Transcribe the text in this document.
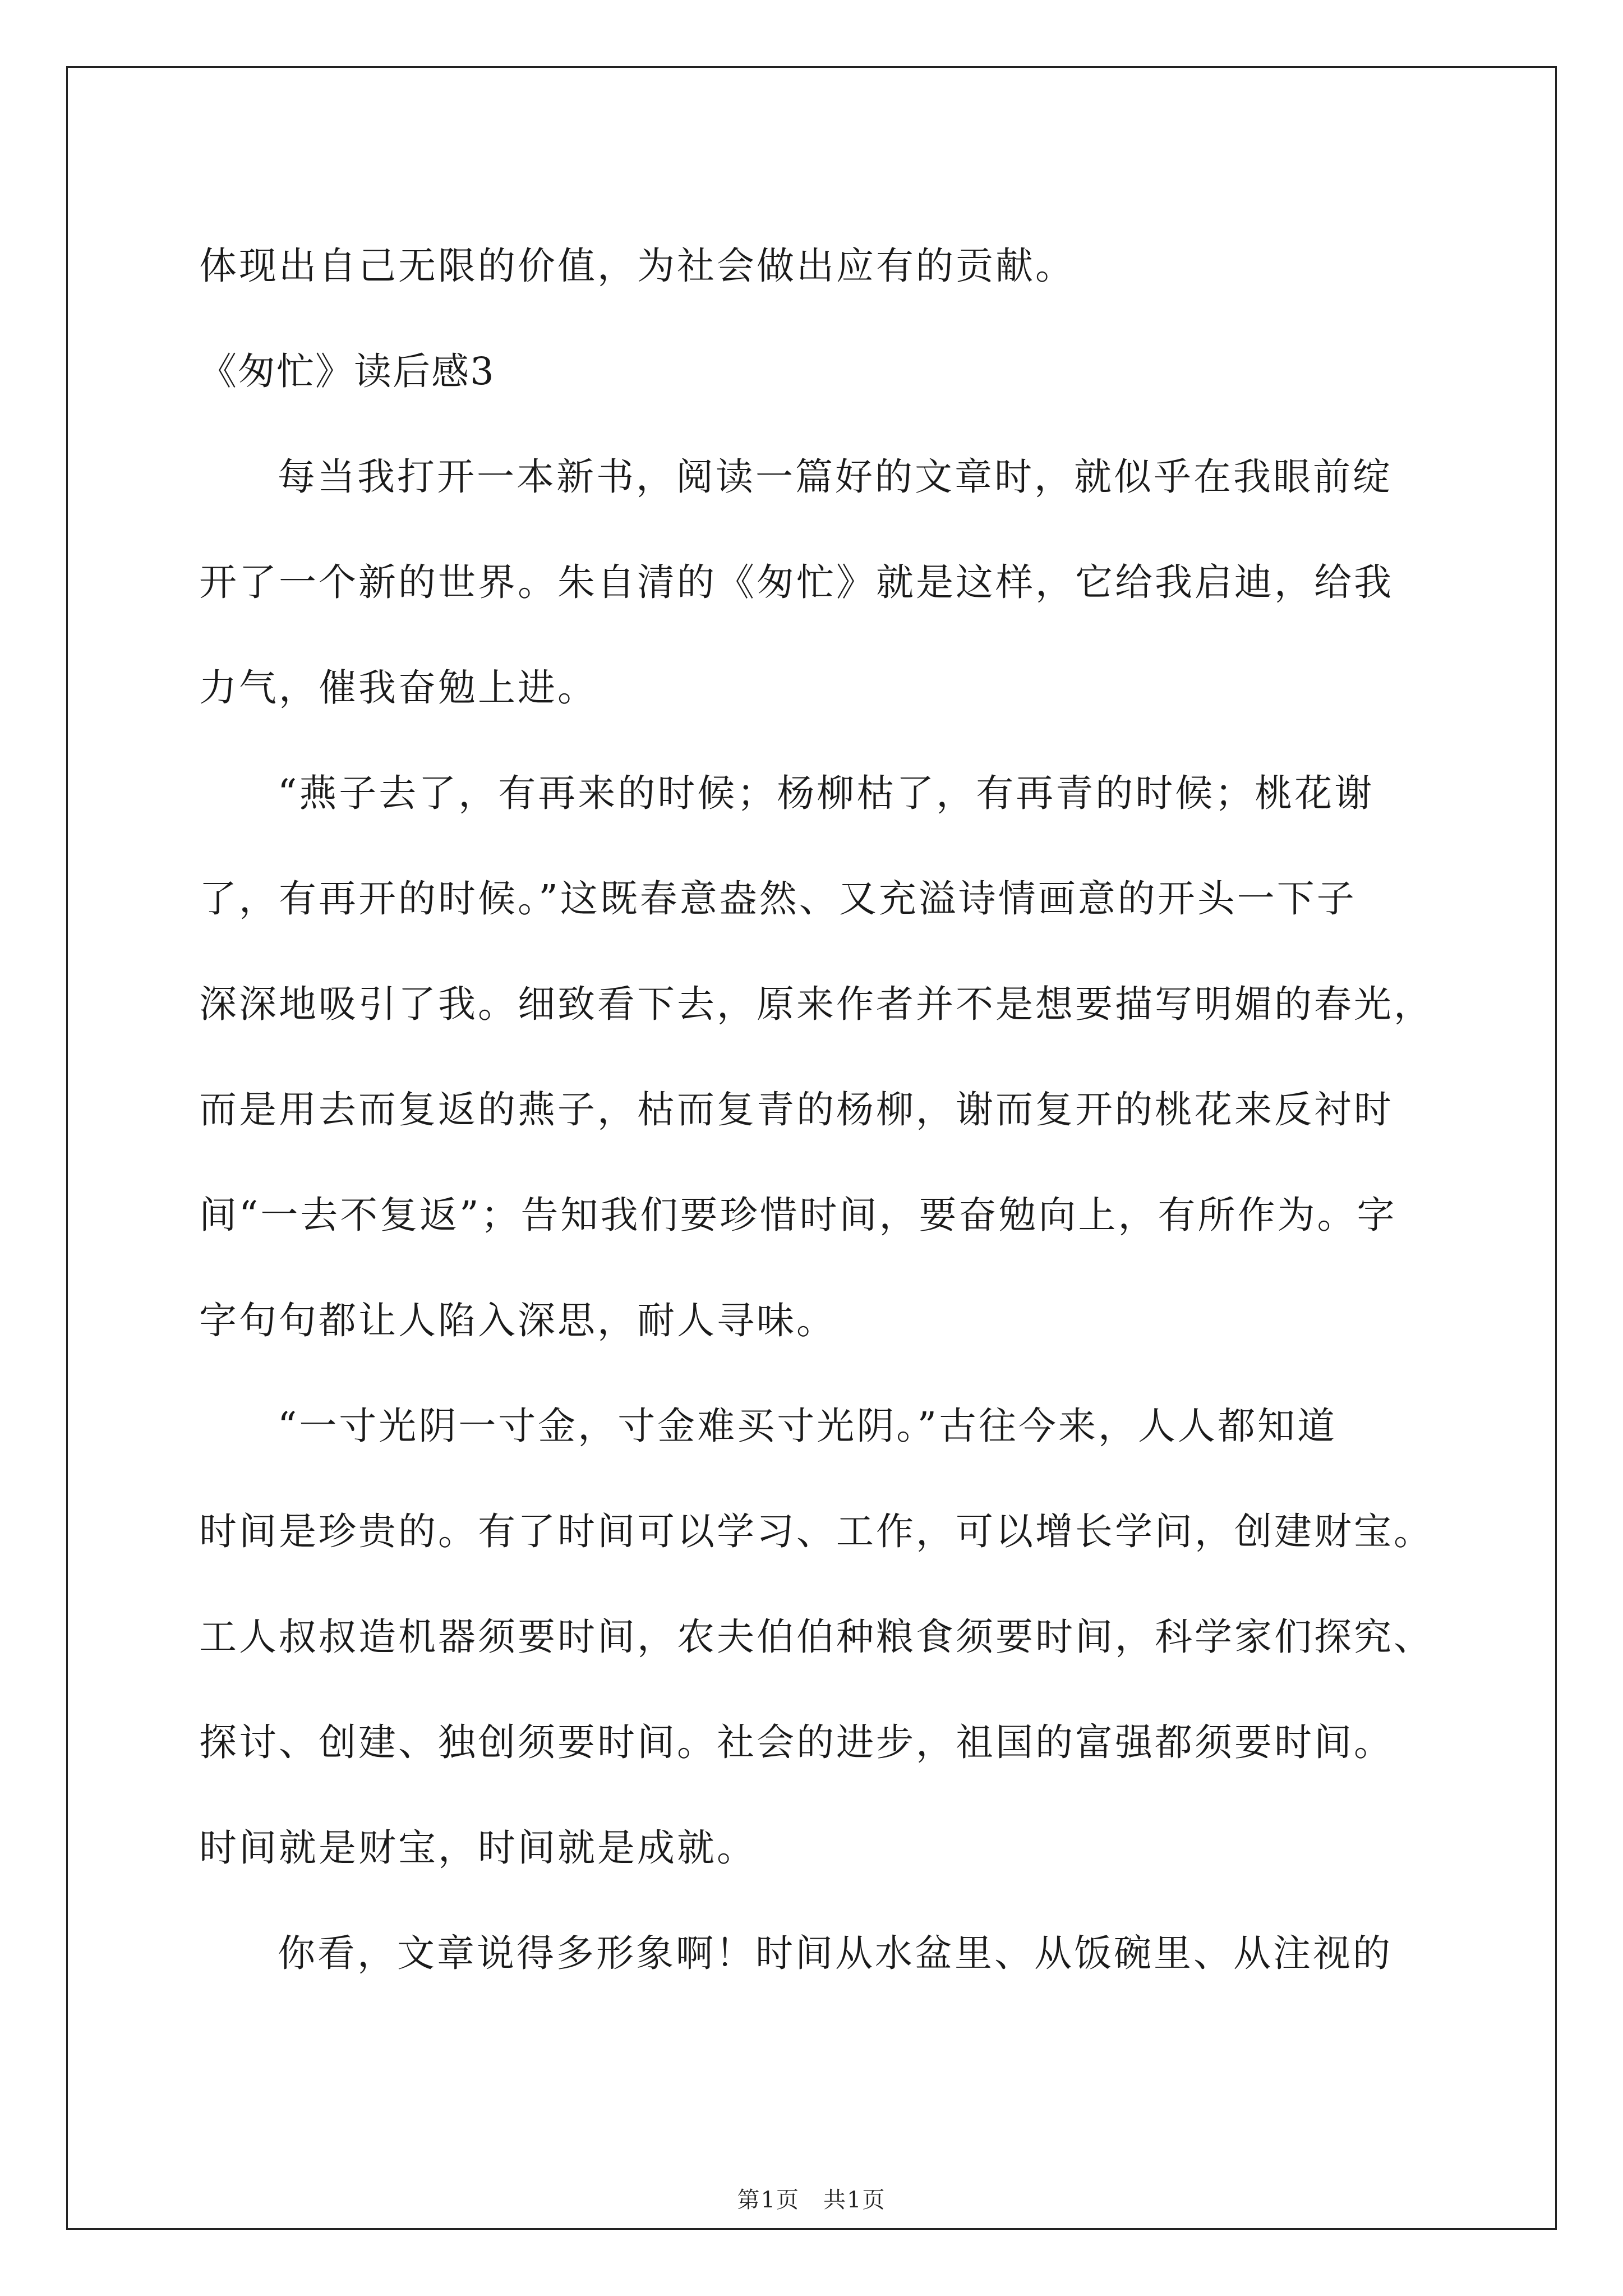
体现出自己无限的价值，为社会做出应有的贡献。
《匆忙》读后感3
每当我打开一本新书，阅读一篇好的文章时，就似乎在我眼前绽
开了一个新的世界。朱自清的《匆忙》就是这样，它给我启迪，给我
力气，催我奋勉上进。
“燕子去了，有再来的时候；杨柳枯了，有再青的时候；桃花谢
了，有再开的时候。”这既春意盎然、又充溢诗情画意的开头一下子
深深地吸引了我。细致看下去，原来作者并不是想要描写明媚的春光，
而是用去而复返的燕子，枯而复青的杨柳，谢而复开的桃花来反衬时
间“一去不复返”；告知我们要珍惜时间，要奋勉向上，有所作为。字
字句句都让人陷入深思，耐人寻味。
“一寸光阴一寸金，寸金难买寸光阴。”古往今来，人人都知道
时间是珍贵的。有了时间可以学习、工作，可以增长学问，创建财宝。
工人叔叔造机器须要时间，农夫伯伯种粮食须要时间，科学家们探究、
探讨、创建、独创须要时间。社会的进步，祖国的富强都须要时间。
时间就是财宝，时间就是成就。
你看，文章说得多形象啊！时间从水盆里、从饭碗里、从注视的
第1页　共1页
